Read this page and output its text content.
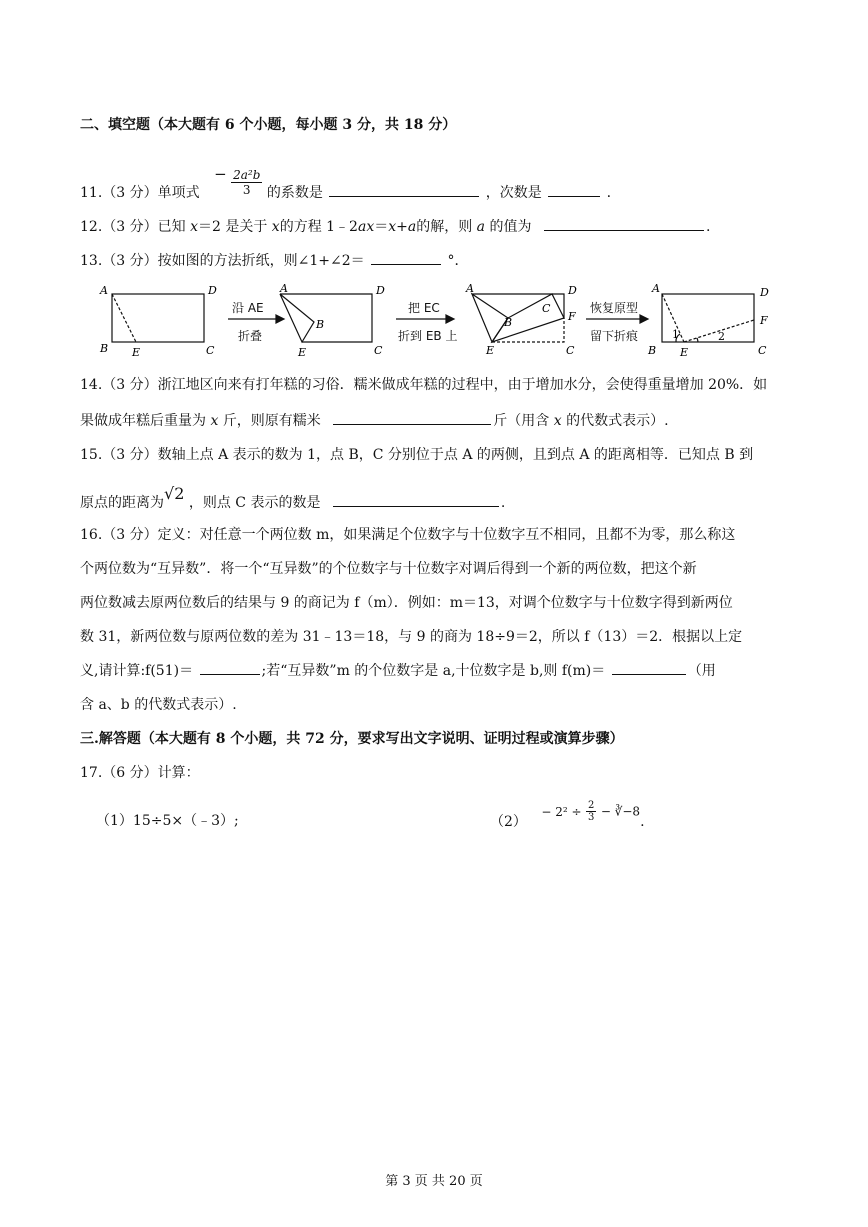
二、填空题（本大题有 6 个小题，每小题 3 分，共 18 分）
11.（3 分）单项式 − $\frac{\text{2a²b}}{3}$ 的系数是	，次数是	.
12.（3 分）已知 x＝2 是关于 x的方程 1﹣2ax＝x+a的解，则 a 的值为	.
13.（3 分）按如图的方法折纸，则∠1+∠2＝	°．
A	D
B E	C
A	D
B
E	C
A	D
B
C
F
E	C
A	D
F
B E	C
1	2
沿 AE
折叠
把 EC
折到 EB 上
恢复原型
留下折痕
14.（3 分）浙江地区向来有打年糕的习俗．糯米做成年糕的过程中，由于增加水分，会使得重量增加 20%．如
果做成年糕后重量为 x 斤，则原有糯米	斤（用含 x 的代数式表示）.
15.（3 分）数轴上点 A 表示的数为 1，点 B，C 分别位于点 A 的两侧，且到点 A 的距离相等．已知点 B 到
原点的距离为√2 ，则点 C 表示的数是	.
16.（3 分）定义：对任意一个两位数 m，如果满足个位数字与十位数字互不相同，且都不为零，那么称这
个两位数为“互异数”．将一个“互异数”的个位数字与十位数字对调后得到一个新的两位数，把这个新
两位数减去原两位数后的结果与 9 的商记为 f（m）．例如：m＝13，对调个位数字与十位数字得到新两位
数 31，新两位数与原两位数的差为 31﹣13＝18，与 9 的商为 18÷9＝2，所以 f（13）＝2．根据以上定
义,请计算:f(51)＝	;若“互异数”m 的个位数字是 a,十位数字是 b,则 f(m)＝	（用
含 a、b 的代数式表示）.
三.解答题（本大题有 8 个小题，共 72 分，要求写出文字说明、证明过程或演算步骤）
17.（6 分）计算：
（1）15÷5×（﹣3）;	$(2) - 2^2 \div \frac{2}{3}$ − ∛−8.
第 3 页 共 20 页
